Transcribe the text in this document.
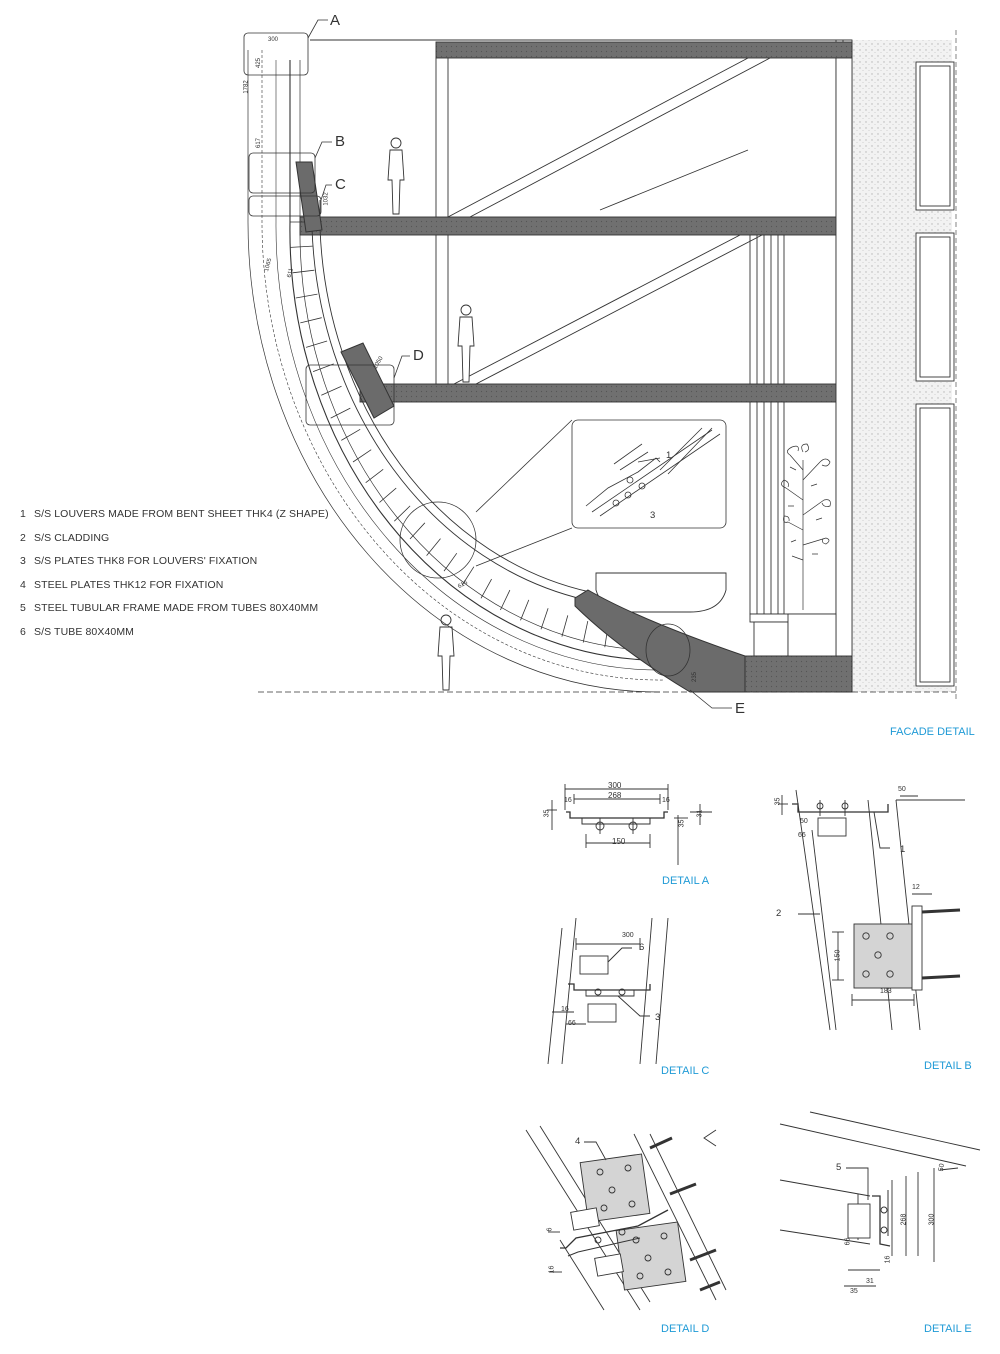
1 S/S LOUVERS MADE FROM BENT SHEET THK4 (Z SHAPE)
2 S/S CLADDING
3 S/S PLATES THK8 FOR LOUVERS' FIXATION
4 STEEL PLATES THK12 FOR FIXATION
5 STEEL TUBULAR FRAME MADE FROM TUBES 80X40MM
6 S/S TUBE 80X40MM
A
B
C
D
E
300
1782
425
617
1032
1050
1065
611
616
235
1
3
300
268
16	16
35
35
31
150
50
35
50
66
12
150
183
300
16
66
6
16
50
268	300
16
31
35
66
1
2
6
3
4
5
FACADE DETAIL
DETAIL A
DETAIL B
DETAIL C
DETAIL D	DETAIL E
